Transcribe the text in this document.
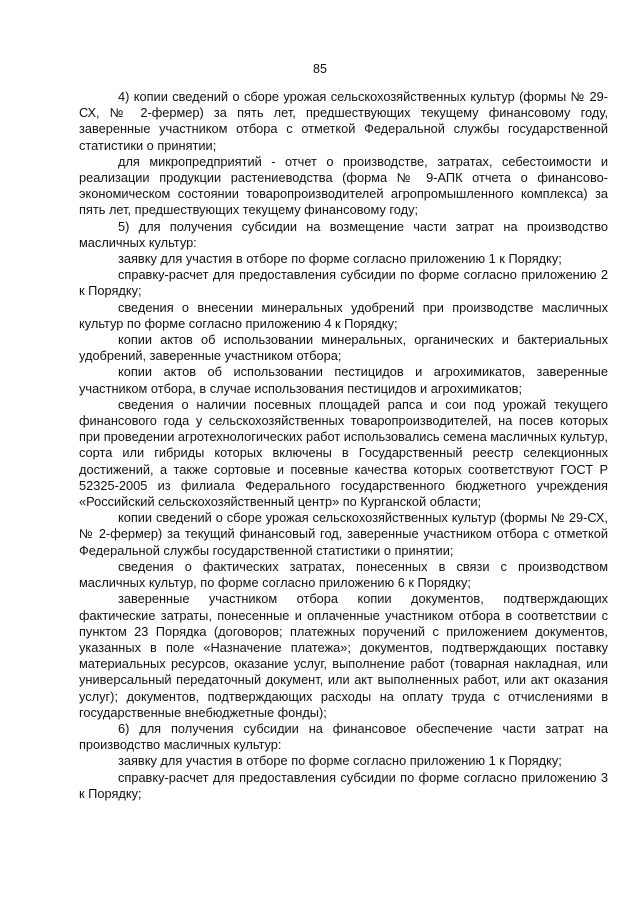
85

4) копии сведений о сборе урожая сельскохозяйственных культур (формы № 29-СХ, № 2-фермер) за пять лет, предшествующих текущему финансовому году, заверенные участником отбора с отметкой Федеральной службы государственной статистики о принятии;

для микропредприятий - отчет о производстве, затратах, себестоимости и реализации продукции растениеводства (форма № 9-АПК отчета о финансово-экономическом состоянии товаропроизводителей агропромышленного комплекса) за пять лет, предшествующих текущему финансовому году;

5) для получения субсидии на возмещение части затрат на производство масличных культур:

заявку для участия в отборе по форме согласно приложению 1 к Порядку;

справку-расчет для предоставления субсидии по форме согласно приложению 2 к Порядку;

сведения о внесении минеральных удобрений при производстве масличных культур по форме согласно приложению 4 к Порядку;

копии актов об использовании минеральных, органических и бактериальных удобрений, заверенные участником отбора;

копии актов об использовании пестицидов и агрохимикатов, заверенные участником отбора, в случае использования пестицидов и агрохимикатов;

сведения о наличии посевных площадей рапса и сои под урожай текущего финансового года у сельскохозяйственных товаропроизводителей, на посев которых при проведении агротехнологических работ использовались семена масличных культур, сорта или гибриды которых включены в Государственный реестр селекционных достижений, а также сортовые и посевные качества которых соответствуют ГОСТ Р 52325-2005 из филиала Федерального государственного бюджетного учреждения «Российский сельскохозяйственный центр» по Курганской области;

копии сведений о сборе урожая сельскохозяйственных культур (формы № 29-СХ, № 2-фермер) за текущий финансовый год, заверенные участником отбора с отметкой Федеральной службы государственной статистики о принятии;

сведения о фактических затратах, понесенных в связи с производством масличных культур, по форме согласно приложению 6 к Порядку;

заверенные участником отбора копии документов, подтверждающих фактические затраты, понесенные и оплаченные участником отбора в соответствии с пунктом 23 Порядка (договоров; платежных поручений с приложением документов, указанных в поле «Назначение платежа»; документов, подтверждающих поставку материальных ресурсов, оказание услуг, выполнение работ (товарная накладная, или универсальный передаточный документ, или акт выполненных работ, или акт оказания услуг); документов, подтверждающих расходы на оплату труда с отчислениями в государственные внебюджетные фонды);

6) для получения субсидии на финансовое обеспечение части затрат на производство масличных культур:

заявку для участия в отборе по форме согласно приложению 1 к Порядку;

справку-расчет для предоставления субсидии по форме согласно приложению 3 к Порядку;
